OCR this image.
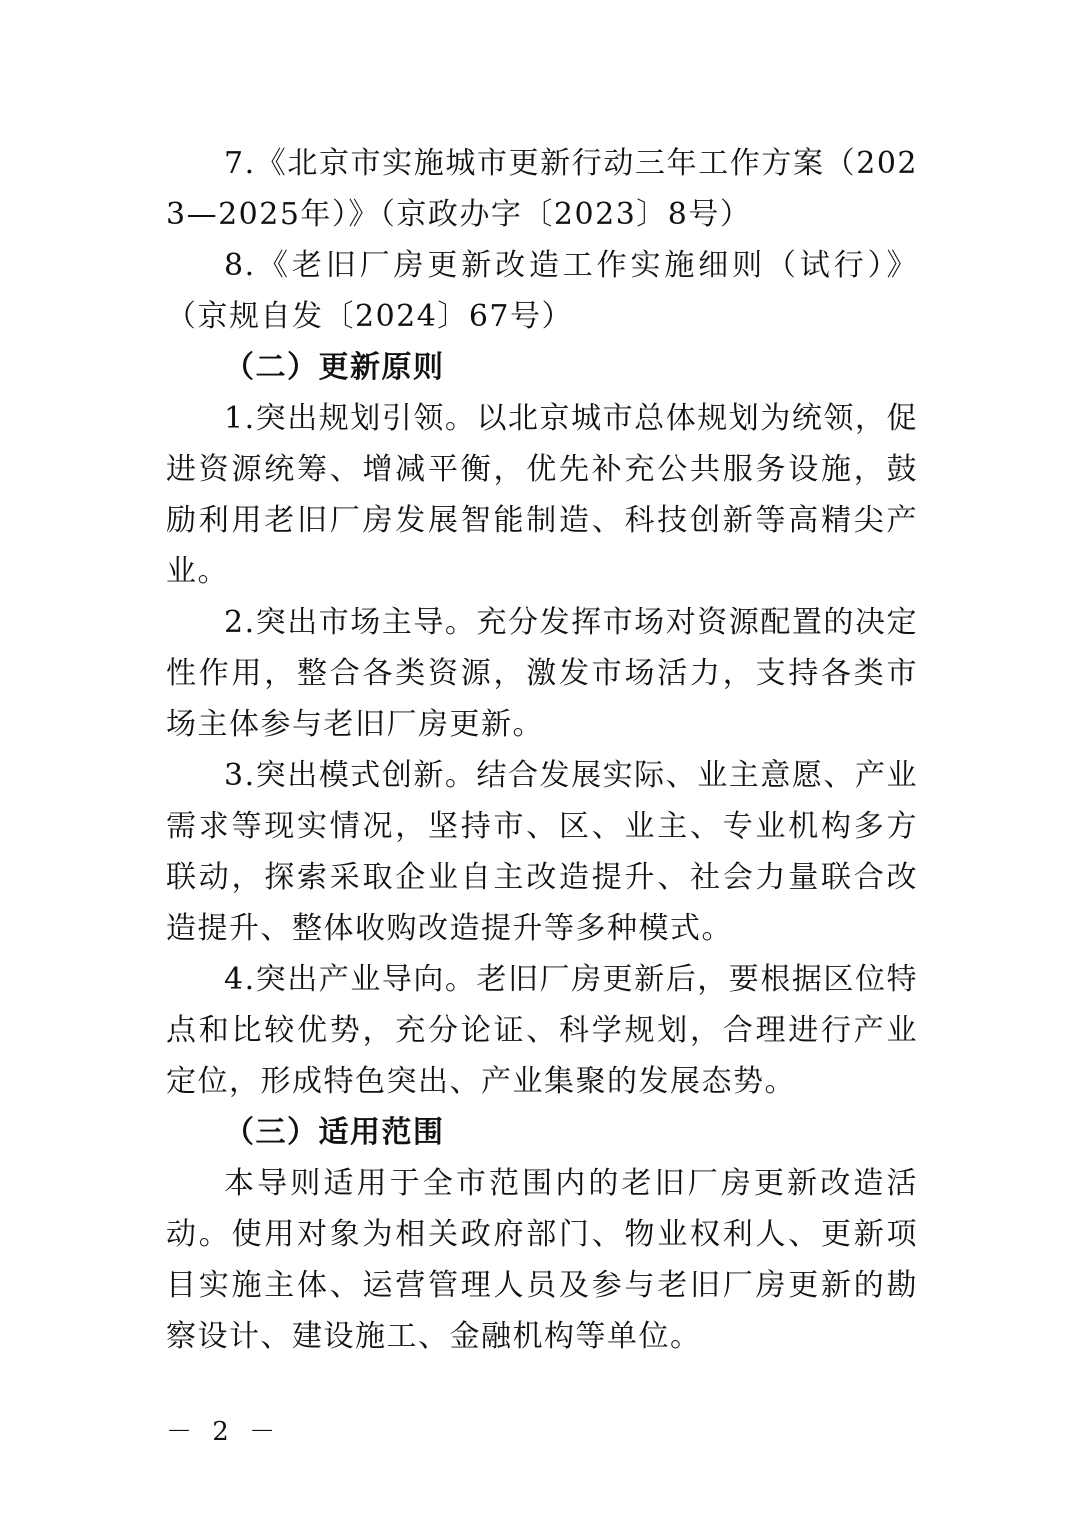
7.《北京市实施城市更新行动三年工作方案（2023—2025年）》（京政办字〔2023〕8号）

8.《老旧厂房更新改造工作实施细则（试行）》（京规自发〔2024〕67号）

（二）更新原则

1.突出规划引领。以北京城市总体规划为统领，促进资源统筹、增减平衡，优先补充公共服务设施，鼓励利用老旧厂房发展智能制造、科技创新等高精尖产业。

2.突出市场主导。充分发挥市场对资源配置的决定性作用，整合各类资源，激发市场活力，支持各类市场主体参与老旧厂房更新。

3.突出模式创新。结合发展实际、业主意愿、产业需求等现实情况，坚持市、区、业主、专业机构多方联动，探索采取企业自主改造提升、社会力量联合改造提升、整体收购改造提升等多种模式。

4.突出产业导向。老旧厂房更新后，要根据区位特点和比较优势，充分论证、科学规划，合理进行产业定位，形成特色突出、产业集聚的发展态势。

（三）适用范围

本导则适用于全市范围内的老旧厂房更新改造活动。使用对象为相关政府部门、物业权利人、更新项目实施主体、运营管理人员及参与老旧厂房更新的勘察设计、建设施工、金融机构等单位。

－ 2 －
